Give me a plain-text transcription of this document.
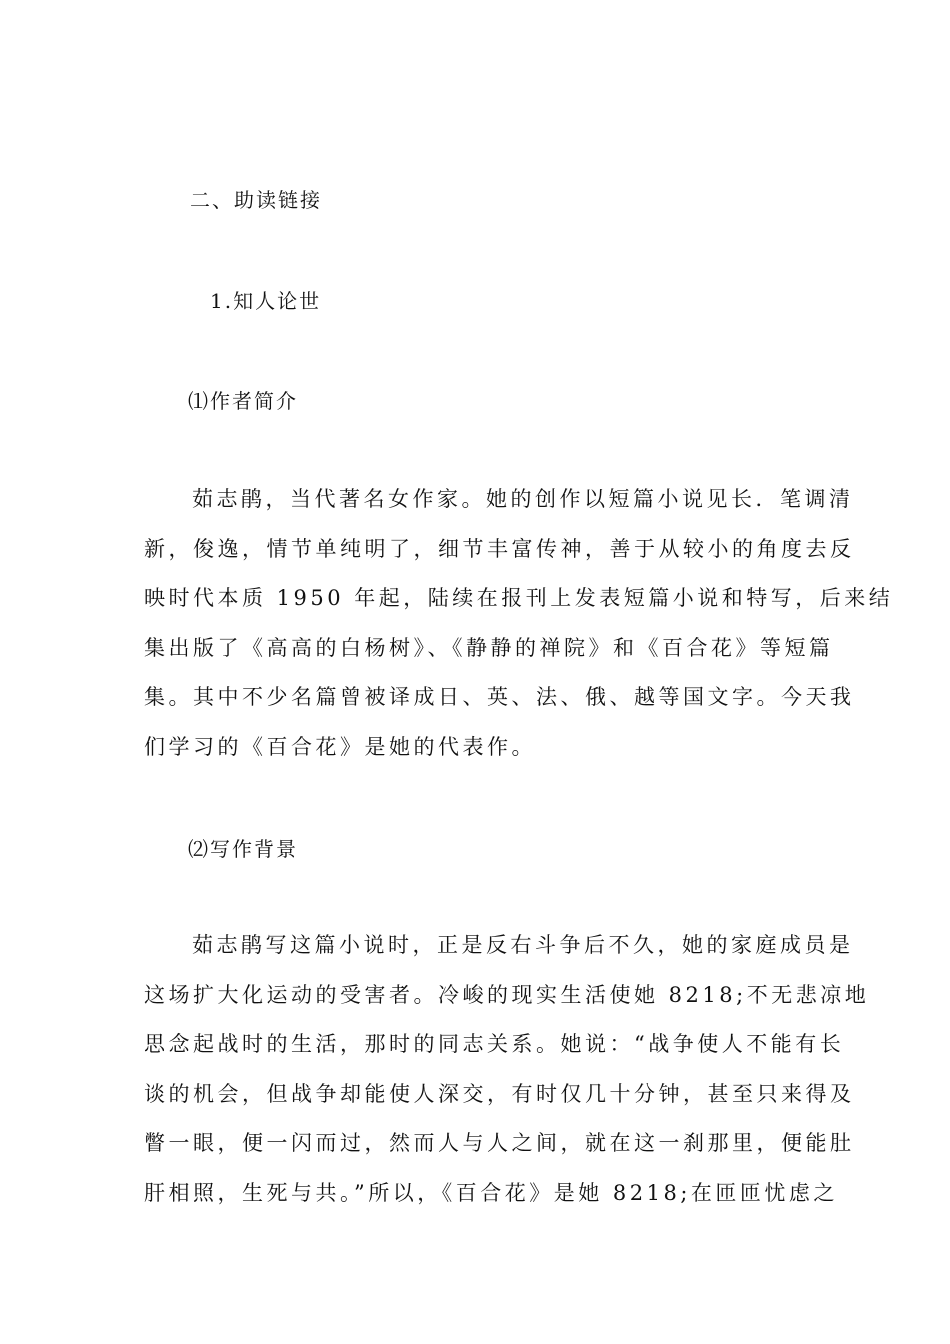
二、助读链接
1.知人论世
⑴作者简介
茹志鹃，当代著名女作家。她的创作以短篇小说见长．笔调清
新，俊逸，情节单纯明了，细节丰富传神，善于从较小的角度去反
映时代本质 1950 年起，陆续在报刊上发表短篇小说和特写，后来结
集出版了《高高的白杨树》、《静静的禅院》和《百合花》等短篇
集。其中不少名篇曾被译成日、英、法、俄、越等国文字。今天我
们学习的《百合花》是她的代表作。
⑵写作背景
茹志鹃写这篇小说时，正是反右斗争后不久，她的家庭成员是
这场扩大化运动的受害者。冷峻的现实生活使她 8218;不无悲凉地
思念起战时的生活，那时的同志关系。她说：“战争使人不能有长
谈的机会，但战争却能使人深交，有时仅几十分钟，甚至只来得及
瞥一眼，便一闪而过，然而人与人之间，就在这一刹那里，便能肚
肝相照，生死与共。”所以，《百合花》是她 8218;在匝匝忧虑之
